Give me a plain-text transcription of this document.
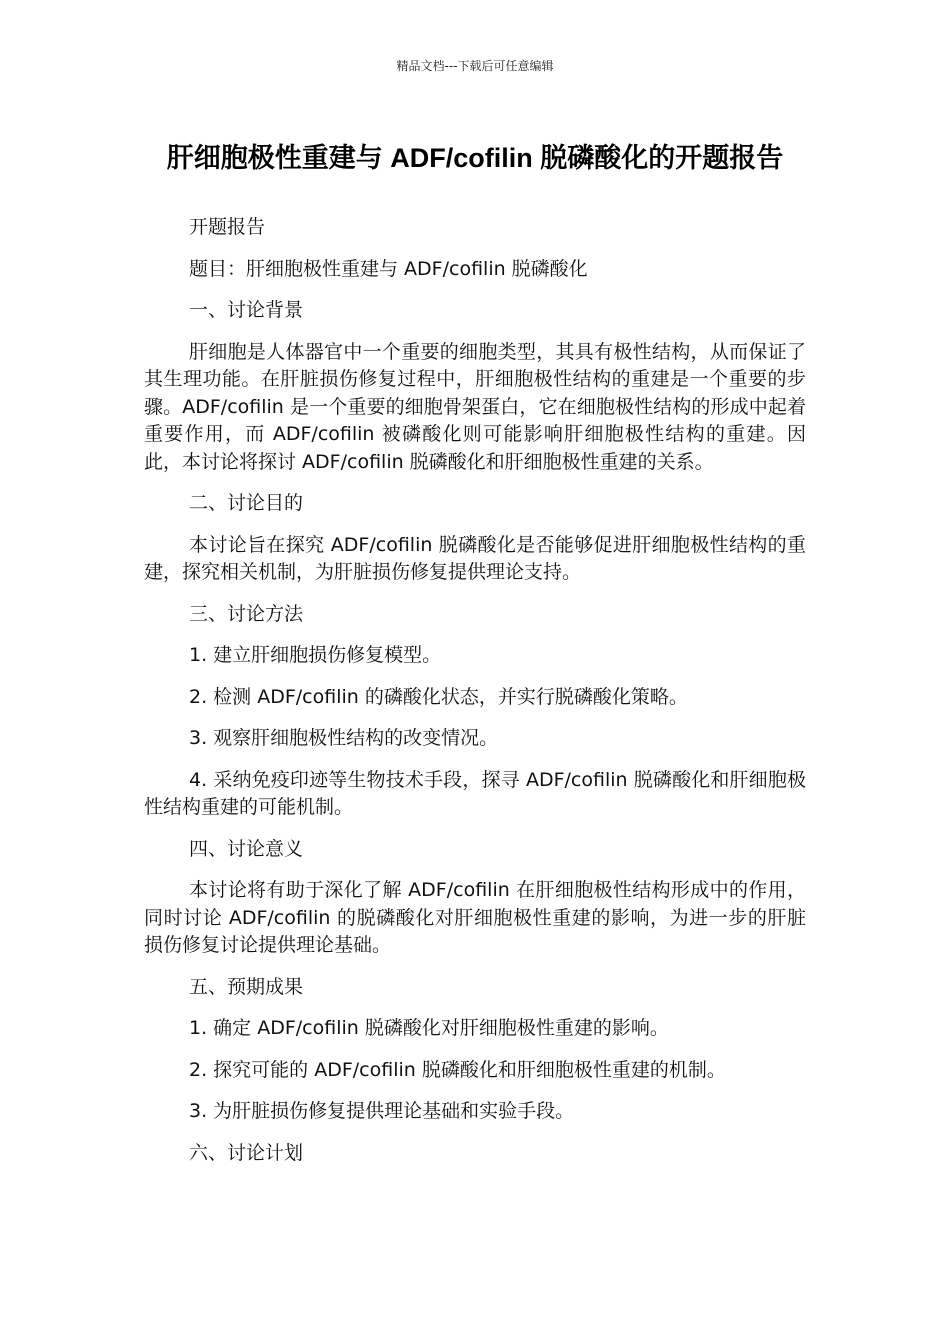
精品文档---下载后可任意编辑
肝细胞极性重建与 ADF/cofilin 脱磷酸化的开题报告

开题报告

题目：肝细胞极性重建与 ADF/cofilin 脱磷酸化

一、讨论背景

肝细胞是人体器官中一个重要的细胞类型，其具有极性结构，从而保证了其生理功能。在肝脏损伤修复过程中，肝细胞极性结构的重建是一个重要的步骤。ADF/cofilin 是一个重要的细胞骨架蛋白，它在细胞极性结构的形成中起着重要作用，而 ADF/cofilin 被磷酸化则可能影响肝细胞极性结构的重建。因此，本讨论将探讨 ADF/cofilin 脱磷酸化和肝细胞极性重建的关系。

二、讨论目的

本讨论旨在探究 ADF/cofilin 脱磷酸化是否能够促进肝细胞极性结构的重建，探究相关机制，为肝脏损伤修复提供理论支持。

三、讨论方法

1. 建立肝细胞损伤修复模型。

2. 检测 ADF/cofilin 的磷酸化状态，并实行脱磷酸化策略。

3. 观察肝细胞极性结构的改变情况。

4. 采纳免疫印迹等生物技术手段，探寻 ADF/cofilin 脱磷酸化和肝细胞极性结构重建的可能机制。

四、讨论意义

本讨论将有助于深化了解 ADF/cofilin 在肝细胞极性结构形成中的作用，同时讨论 ADF/cofilin 的脱磷酸化对肝细胞极性重建的影响，为进一步的肝脏损伤修复讨论提供理论基础。

五、预期成果

1. 确定 ADF/cofilin 脱磷酸化对肝细胞极性重建的影响。

2. 探究可能的 ADF/cofilin 脱磷酸化和肝细胞极性重建的机制。

3. 为肝脏损伤修复提供理论基础和实验手段。

六、讨论计划
